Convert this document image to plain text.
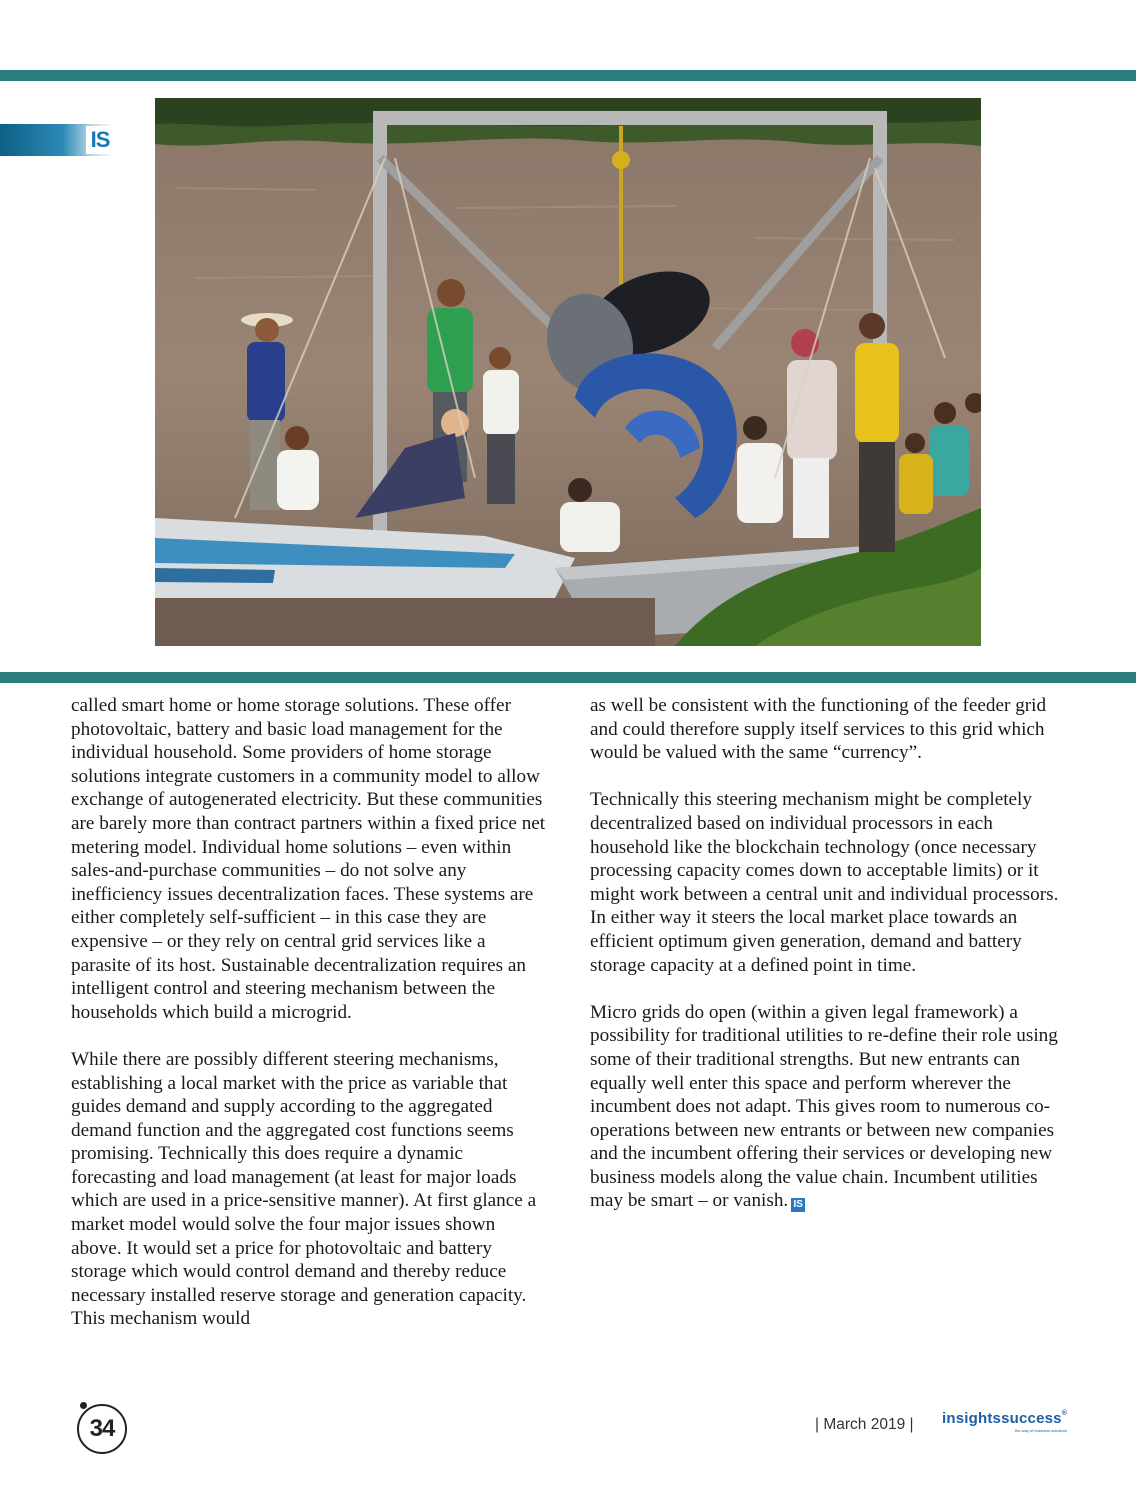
IS

called smart home or home storage solutions. These offer photovoltaic, battery and basic load management for the individual household. Some providers of home storage solutions integrate customers in a community model to allow exchange of autogenerated electricity. But these communities are barely more than contract partners within a fixed price net metering model. Individual home solutions – even within sales-and-purchase communities – do not solve any inefficiency issues decentralization faces. These systems are either completely self-sufficient – in this case they are expensive – or they rely on central grid services like a parasite of its host. Sustainable decentralization requires an intelligent control and steering mechanism between the households which build a microgrid.

While there are possibly different steering mechanisms, establishing a local market with the price as variable that guides demand and supply according to the aggregated demand function and the aggregated cost functions seems promising. Technically this does require a dynamic forecasting and load management (at least for major loads which are used in a price-sensitive manner). At first glance a market model would solve the four major issues shown above. It would set a price for photovoltaic and battery storage which would control demand and thereby reduce necessary installed reserve storage and generation capacity. This mechanism would

as well be consistent with the functioning of the feeder grid and could therefore supply itself services to this grid which would be valued with the same “currency”.

Technically this steering mechanism might be completely decentralized based on individual processors in each household like the blockchain technology (once necessary processing capacity comes down to acceptable limits) or it might work between a central unit and individual processors. In either way it steers the local market place towards an efficient optimum given generation, demand and battery storage capacity at a defined point in time.

Micro grids do open (within a given legal framework) a possibility for traditional utilities to re-define their role using some of their traditional strengths. But new entrants can equally well enter this space and perform wherever the incumbent does not adapt. This gives room to numerous co-operations between new entrants or between new companies and the incumbent offering their services or developing new business models along the value chain. Incumbent utilities may be smart – or vanish. IS

34	| March 2019 | insightssuccess®
the way of business solutions
